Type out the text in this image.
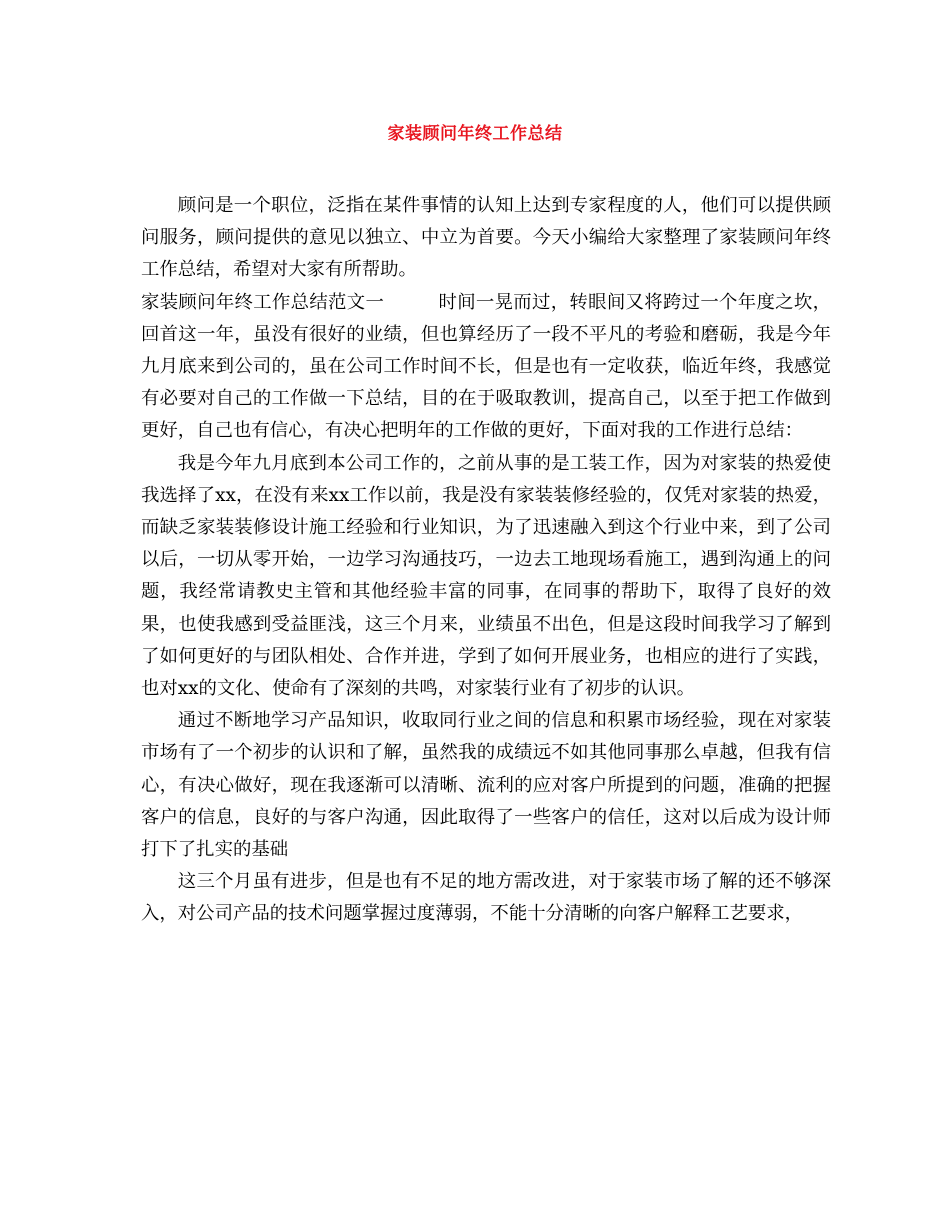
家装顾问年终工作总结

顾问是一个职位，泛指在某件事情的认知上达到专家程度的人，他们可以提供顾问服务，顾问提供的意见以独立、中立为首要。今天小编给大家整理了家装顾问年终工作总结，希望对大家有所帮助。

家装顾问年终工作总结范文一	时间一晃而过，转眼间又将跨过一个年度之坎，回首这一年，虽没有很好的业绩，但也算经历了一段不平凡的考验和磨砺，我是今年九月底来到公司的，虽在公司工作时间不长，但是也有一定收获，临近年终，我感觉有必要对自己的工作做一下总结，目的在于吸取教训，提高自己，以至于把工作做到更好，自己也有信心，有决心把明年的工作做的更好，下面对我的工作进行总结：

我是今年九月底到本公司工作的，之前从事的是工装工作，因为对家装的热爱使我选择了xx，在没有来xx工作以前，我是没有家装装修经验的，仅凭对家装的热爱，而缺乏家装装修设计施工经验和行业知识，为了迅速融入到这个行业中来，到了公司以后，一切从零开始，一边学习沟通技巧，一边去工地现场看施工，遇到沟通上的问题，我经常请教史主管和其他经验丰富的同事，在同事的帮助下，取得了良好的效果，也使我感到受益匪浅，这三个月来，业绩虽不出色，但是这段时间我学习了解到了如何更好的与团队相处、合作并进，学到了如何开展业务，也相应的进行了实践，也对xx的文化、使命有了深刻的共鸣，对家装行业有了初步的认识。

通过不断地学习产品知识，收取同行业之间的信息和积累市场经验，现在对家装市场有了一个初步的认识和了解，虽然我的成绩远不如其他同事那么卓越，但我有信心，有决心做好，现在我逐渐可以清晰、流利的应对客户所提到的问题，准确的把握客户的信息，良好的与客户沟通，因此取得了一些客户的信任，这对以后成为设计师打下了扎实的基础

这三个月虽有进步，但是也有不足的地方需改进，对于家装市场了解的还不够深入，对公司产品的技术问题掌握过度薄弱，不能十分清晰的向客户解释工艺要求，
